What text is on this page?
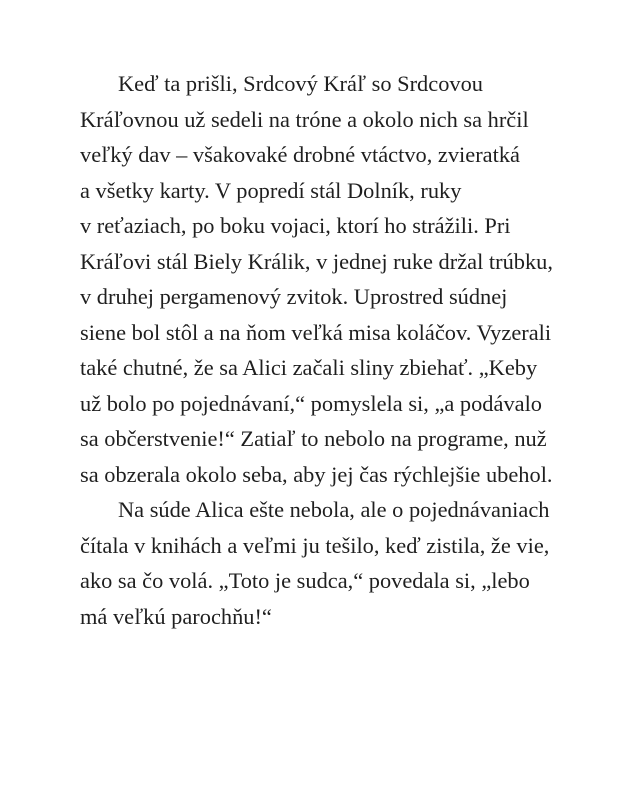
Keď ta prišli, Srdcový Kráľ so Srdcovou
Kráľovnou už sedeli na tróne a okolo nich sa hrčil
veľký dav – všakovaké drobné vtáctvo, zvieratká
a všetky karty. V popredí stál Dolník, ruky
v reťaziach, po boku vojaci, ktorí ho strážili. Pri
Kráľovi stál Biely Králik, v jednej ruke držal trúbku,
v druhej pergamenový zvitok. Uprostred súdnej
siene bol stôl a na ňom veľká misa koláčov. Vyzerali
také chutné, že sa Alici začali sliny zbiehať. „Keby
už bolo po pojednávaní,“ pomyslela si, „a podávalo
sa občerstvenie!“ Zatiaľ to nebolo na programe, nuž
sa obzerala okolo seba, aby jej čas rýchlejšie ubehol.

Na súde Alica ešte nebola, ale o pojednávaniach
čítala v knihách a veľmi ju tešilo, keď zistila, že vie,
ako sa čo volá. „Toto je sudca,“ povedala si, „lebo
má veľkú parochňu!“
